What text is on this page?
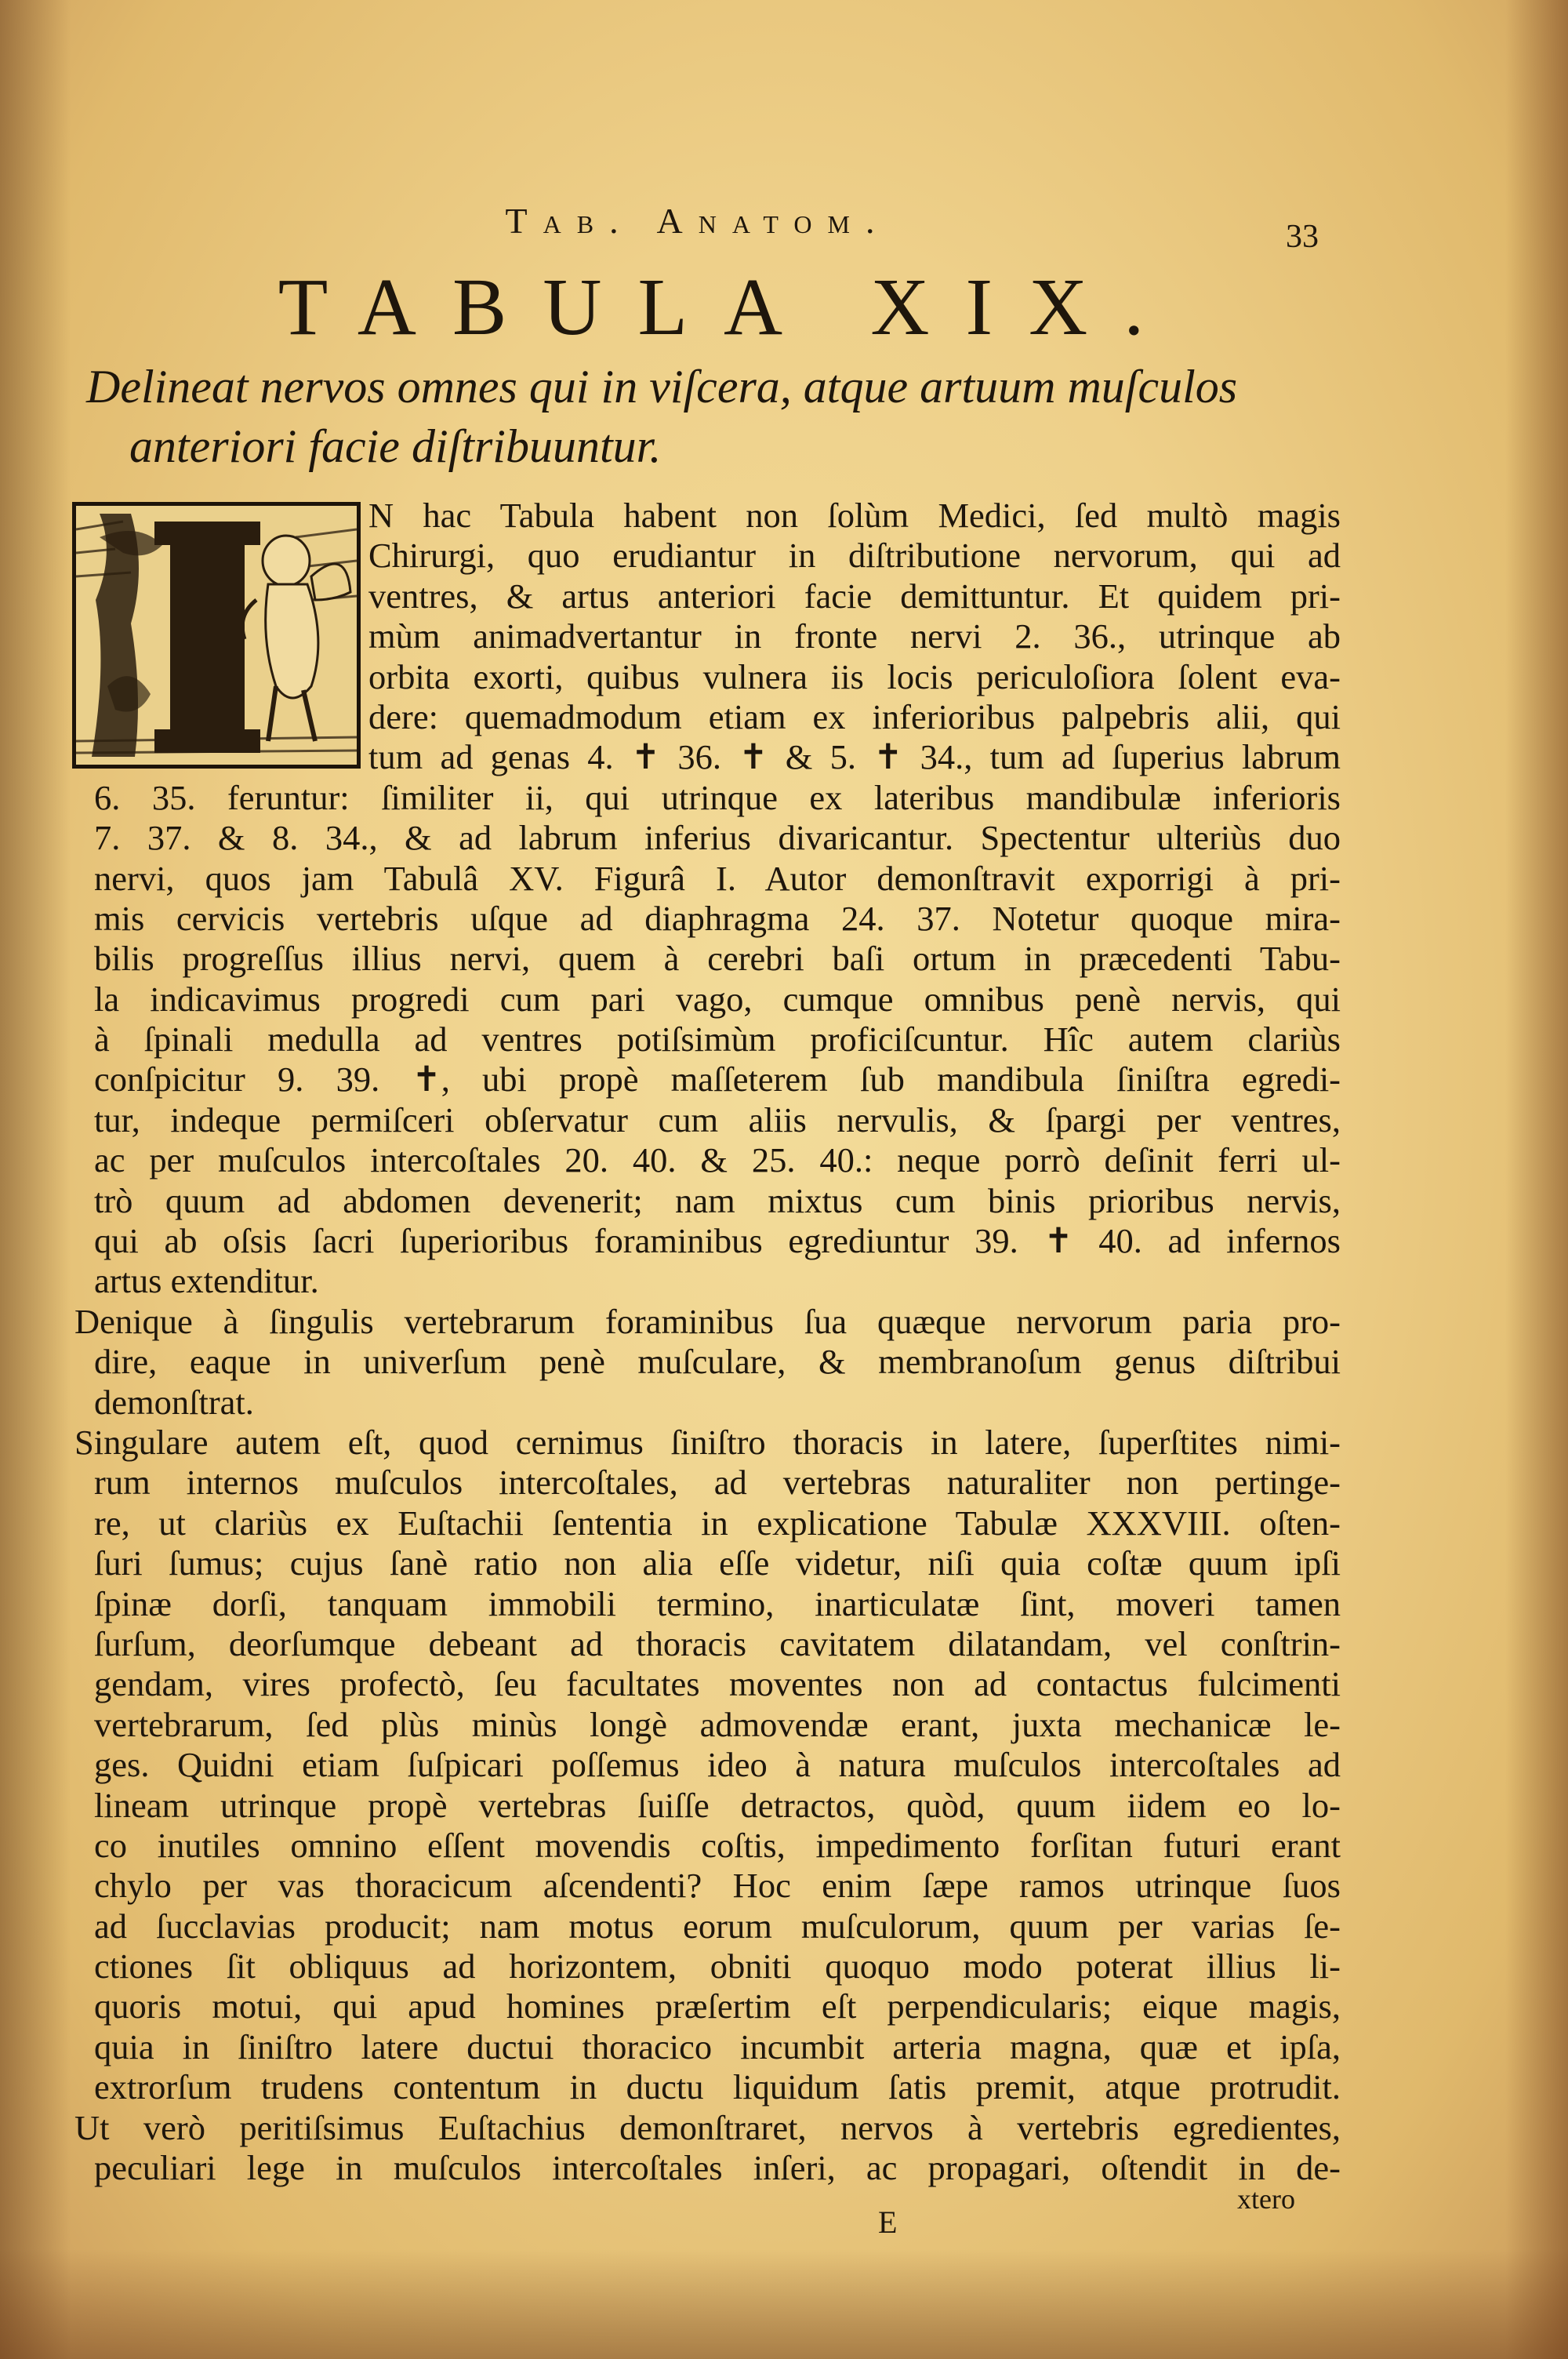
Tab. Anatom.	33
TABULA XIX.
Delineat nervos omnes qui in viſcera, atque artuum muſculos
anteriori facie diſtribuuntur.
N hac Tabula habent non ſolùm Medici, ſed multò magis
Chirurgi, quo erudiantur in diſtributione nervorum, qui ad
ventres, & artus anteriori facie demittuntur. Et quidem pri-
mùm animadvertantur in fronte nervi 2. 36., utrinque ab
orbita exorti, quibus vulnera iis locis periculoſiora ſolent eva-
dere: quemadmodum etiam ex inferioribus palpebris alii, qui
tum ad genas 4. ✝ 36. ✝ & 5. ✝ 34., tum ad ſuperius labrum
6. 35. feruntur: ſimiliter ii, qui utrinque ex lateribus mandibulæ inferioris
7. 37. & 8. 34., & ad labrum inferius divaricantur. Spectentur ulteriùs duo
nervi, quos jam Tabulâ XV. Figurâ I. Autor demonſtravit exporrigi à pri-
mis cervicis vertebris uſque ad diaphragma 24. 37. Notetur quoque mira-
bilis progreſſus illius nervi, quem à cerebri baſi ortum in præcedenti Tabu-
la indicavimus progredi cum pari vago, cumque omnibus penè nervis, qui
à ſpinali medulla ad ventres potiſsimùm proficiſcuntur. Hîc autem clariùs
conſpicitur 9. 39. ✝, ubi propè maſſeterem ſub mandibula ſiniſtra egredi-
tur, indeque permiſceri obſervatur cum aliis nervulis, & ſpargi per ventres,
ac per muſculos intercoſtales 20. 40. & 25. 40.: neque porrò deſinit ferri ul-
trò quum ad abdomen devenerit; nam mixtus cum binis prioribus nervis,
qui ab oſsis ſacri ſuperioribus foraminibus egrediuntur 39. ✝ 40. ad infernos
artus extenditur.
Denique à ſingulis vertebrarum foraminibus ſua quæque nervorum paria pro-
dire, eaque in univerſum penè muſculare, & membranoſum genus diſtribui
demonſtrat.
Singulare autem eſt, quod cernimus ſiniſtro thoracis in latere, ſuperſtites nimi-
rum internos muſculos intercoſtales, ad vertebras naturaliter non pertinge-
re, ut clariùs ex Euſtachii ſententia in explicatione Tabulæ XXXVIII. oſten-
ſuri ſumus; cujus ſanè ratio non alia eſſe videtur, niſi quia coſtæ quum ipſi
ſpinæ dorſi, tanquam immobili termino, inarticulatæ ſint, moveri tamen
ſurſum, deorſumque debeant ad thoracis cavitatem dilatandam, vel conſtrin-
gendam, vires profectò, ſeu facultates moventes non ad contactus fulcimenti
vertebrarum, ſed plùs minùs longè admovendæ erant, juxta mechanicæ le-
ges. Quidni etiam ſuſpicari poſſemus ideo à natura muſculos intercoſtales ad
lineam utrinque propè vertebras ſuiſſe detractos, quòd, quum iidem eo lo-
co inutiles omnino eſſent movendis coſtis, impedimento forſitan futuri erant
chylo per vas thoracicum aſcendenti? Hoc enim ſæpe ramos utrinque ſuos
ad ſucclavias producit; nam motus eorum muſculorum, quum per varias ſe-
ctiones ſit obliquus ad horizontem, obniti quoquo modo poterat illius li-
quoris motui, qui apud homines præſertim eſt perpendicularis; eique magis,
quia in ſiniſtro latere ductui thoracico incumbit arteria magna, quæ et ipſa,
extrorſum trudens contentum in ductu liquidum ſatis premit, atque protrudit.
Ut verò peritiſsimus Euſtachius demonſtraret, nervos à vertebris egredientes,
peculiari lege in muſculos intercoſtales inſeri, ac propagari, oſtendit in de-
E
xtero
